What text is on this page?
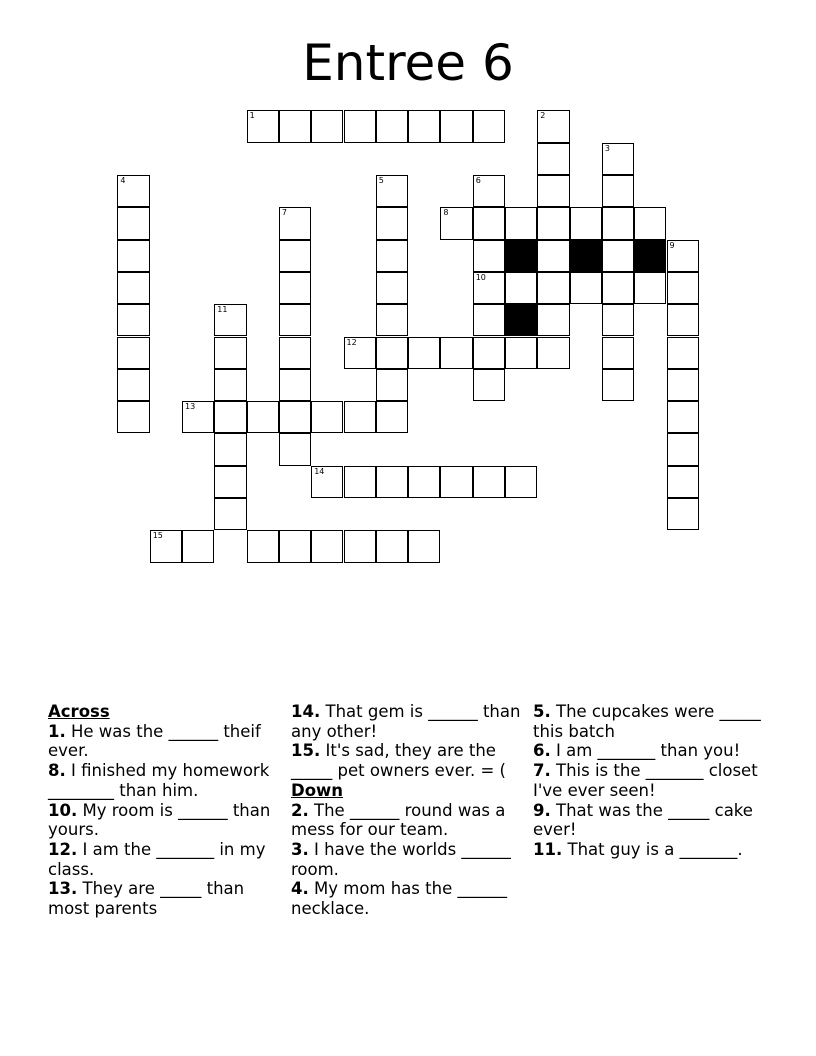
Entree 6
1	2
3
4	5	6
7	8
9
11
12
13
14
15
10
Across
1. He was the ______ theif ever.
8. I finished my homework ________ than him.
10. My room is ______ than yours.
12. I am the _______ in my class.
13. They are _____ than most parents
14. That gem is ______ than any other!
15. It's sad, they are the _____ pet owners ever. = (
Down
2. The ______ round was a mess for our team.
3. I have the worlds ______ room.
4. My mom has the ______ necklace.
5. The cupcakes were _____ this batch
6. I am _______ than you!
7. This is the _______ closet I've ever seen!
9. That was the _____ cake ever!
11. That guy is a _______.
